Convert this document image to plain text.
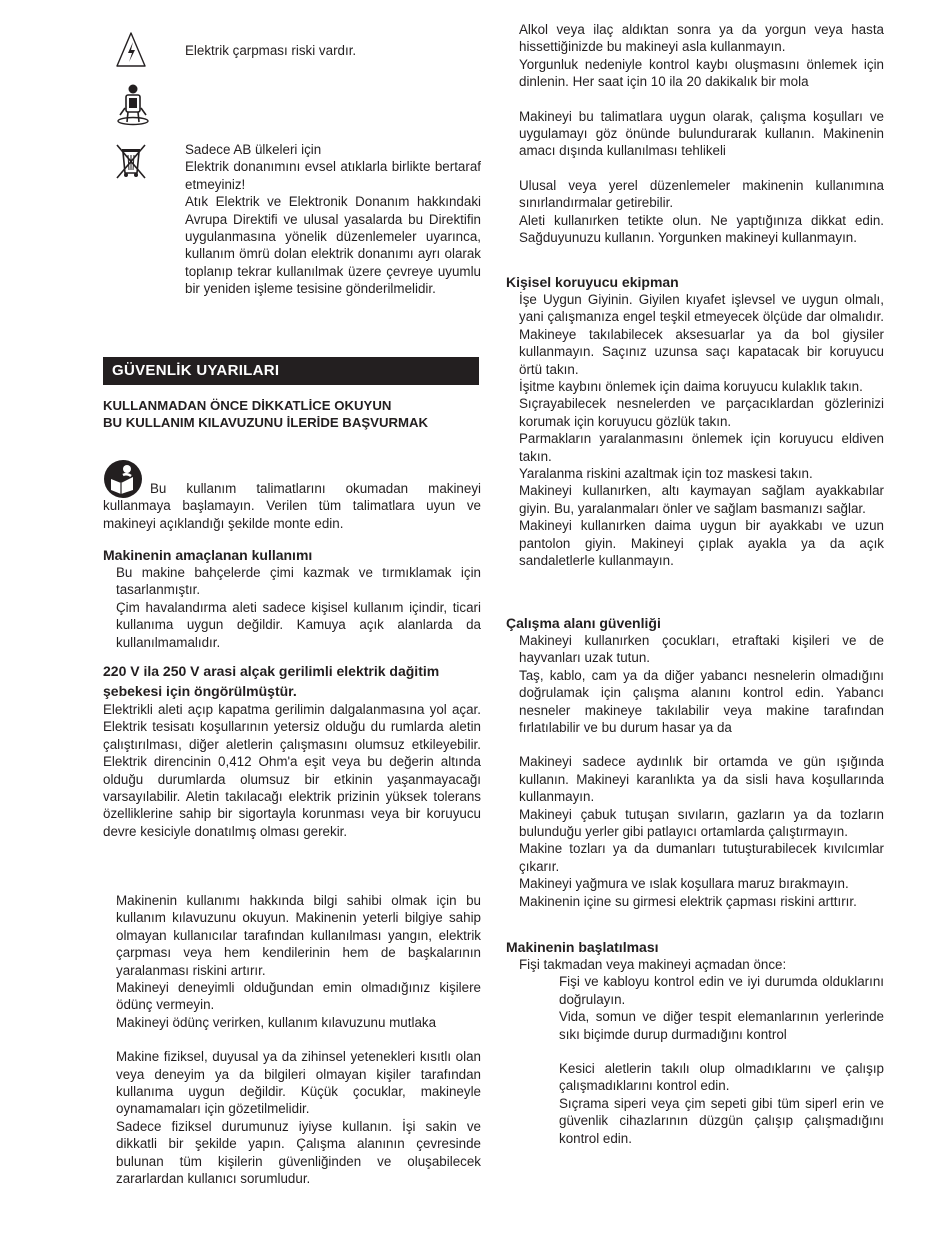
Elektrik çarpması riski vardır.

Sadece AB ülkeleri için

Elektrik donanımını evsel atıklarla birlikte bertaraf etmeyiniz!

Atık Elektrik ve Elektronik Donanım hakkındaki Avrupa Direktifi ve ulusal yasalarda bu Direktifin uygulanmasına yönelik düzenlemeler uyarınca, kullanım ömrü dolan elektrik donanımı ayrı olarak toplanıp tekrar kullanılmak üzere çevreye uyumlu bir yeniden işleme tesisine gönderilmelidir.

GÜVENLİK UYARILARI

KULLANMADAN ÖNCE DİKKATLİCE OKUYUN

BU KULLANIM KILAVUZUNU İLERİDE BAŞVURMAK

Bu kullanım talimatlarını okumadan makineyi kullanmaya başlamayın. Verilen tüm talimatlara uyun ve makineyi açıklandığı şekilde monte edin.

Makinenin amaçlanan kullanımı

Bu makine bahçelerde çimi kazmak ve tırmıklamak için tasarlanmıştır.

Çim havalandırma aleti sadece kişisel kullanım içindir, ticari kullanıma uygun değildir. Kamuya açık alanlarda da kullanılmamalıdır.

220 V ila 250 V arasi alçak gerilimli elektrik dağitim şebekesi için öngörülmüştür.

Elektrikli aleti açıp kapatma gerilimin dalgalanmasına yol açar. Elektrik tesisatı koşullarının yetersiz olduğu du rumlarda aletin çalıştırılması, diğer aletlerin çalışmasını olumsuz etkileyebilir. Elektrik direncinin 0,412 Ohm'a eşit veya bu değerin altında olduğu durumlarda olumsuz bir etkinin yaşanmayacağı varsayılabilir. Aletin takılacağı elektrik prizinin yüksek tolerans özelliklerine sahip bir sigortayla korunması veya bir koruyucu devre kesiciyle donatılmış olması gerekir.

Makinenin kullanımı hakkında bilgi sahibi olmak için bu kullanım kılavuzunu okuyun. Makinenin yeterli bilgiye sahip olmayan kullanıcılar tarafından kullanılması yangın, elektrik çarpması veya hem kendilerinin hem de başkalarının yaralanması riskini artırır.

Makineyi deneyimli olduğundan emin olmadığınız kişilere ödünç vermeyin.

Makineyi ödünç verirken, kullanım kılavuzunu mutlaka

Makine fiziksel, duyusal ya da zihinsel yetenekleri kısıtlı olan veya deneyim ya da bilgileri olmayan kişiler tarafından kullanıma uygun değildir. Küçük çocuklar, makineyle oynamamaları için gözetilmelidir.

Sadece fiziksel durumunuz iyiyse kullanın. İşi sakin ve dikkatli bir şekilde yapın. Çalışma alanının çevresinde bulunan tüm kişilerin güvenliğinden ve oluşabilecek zararlardan kullanıcı sorumludur.

Alkol veya ilaç aldıktan sonra ya da yorgun veya hasta hissettiğinizde bu makineyi asla kullanmayın.

Yorgunluk nedeniyle kontrol kaybı oluşmasını önlemek için dinlenin. Her saat için 10 ila 20 dakikalık bir mola

Makineyi bu talimatlara uygun olarak, çalışma koşulları ve uygulamayı göz önünde bulundurarak kullanın. Makinenin amacı dışında kullanılması tehlikeli

Ulusal veya yerel düzenlemeler makinenin kullanımına sınırlandırmalar getirebilir.

Aleti kullanırken tetikte olun. Ne yaptığınıza dikkat edin. Sağduyunuzu kullanın. Yorgunken makineyi kullanmayın.

Kişisel koruyucu ekipman

İşe Uygun Giyinin. Giyilen kıyafet işlevsel ve uygun olmalı, yani çalışmanıza engel teşkil etmeyecek ölçüde dar olmalıdır. Makineye takılabilecek aksesuarlar ya da bol giysiler kullanmayın. Saçınız uzunsa saçı kapatacak bir koruyucu örtü takın.

İşitme kaybını önlemek için daima koruyucu kulaklık takın.

Sıçrayabilecek nesnelerden ve parçacıklardan gözlerinizi korumak için koruyucu gözlük takın.

Parmakların yaralanmasını önlemek için koruyucu eldiven takın.

Yaralanma riskini azaltmak için toz maskesi takın.

Makineyi kullanırken, altı kaymayan sağlam ayakkabılar giyin. Bu, yaralanmaları önler ve sağlam basmanızı sağlar.

Makineyi kullanırken daima uygun bir ayakkabı ve uzun pantolon giyin. Makineyi çıplak ayakla ya da açık sandaletlerle kullanmayın.

Çalışma alanı güvenliği

Makineyi kullanırken çocukları, etraftaki kişileri ve de hayvanları uzak tutun.

Taş, kablo, cam ya da diğer yabancı nesnelerin olmadığını doğrulamak için çalışma alanını kontrol edin. Yabancı nesneler makineye takılabilir veya makine tarafından fırlatılabilir ve bu durum hasar ya da

Makineyi sadece aydınlık bir ortamda ve gün ışığında kullanın. Makineyi karanlıkta ya da sisli hava koşullarında kullanmayın.

Makineyi çabuk tutuşan sıvıların, gazların ya da tozların bulunduğu yerler gibi patlayıcı ortamlarda çalıştırmayın.

Makine tozları ya da dumanları tutuşturabilecek kıvılcımlar çıkarır.

Makineyi yağmura ve ıslak koşullara maruz bırakmayın.

Makinenin içine su girmesi elektrik çapması riskini arttırır.

Makinenin başlatılması

Fişi takmadan veya makineyi açmadan önce:

Fişi ve kabloyu kontrol edin ve iyi durumda olduklarını doğrulayın.

Vida, somun ve diğer tespit elemanlarının yerlerinde sıkı biçimde durup durmadığını kontrol

Kesici aletlerin takılı olup olmadıklarını ve çalışıp çalışmadıklarını kontrol edin.

Sıçrama siperi veya çim sepeti gibi tüm siperl erin ve güvenlik cihazlarının düzgün çalışıp çalışmadığını kontrol edin.
